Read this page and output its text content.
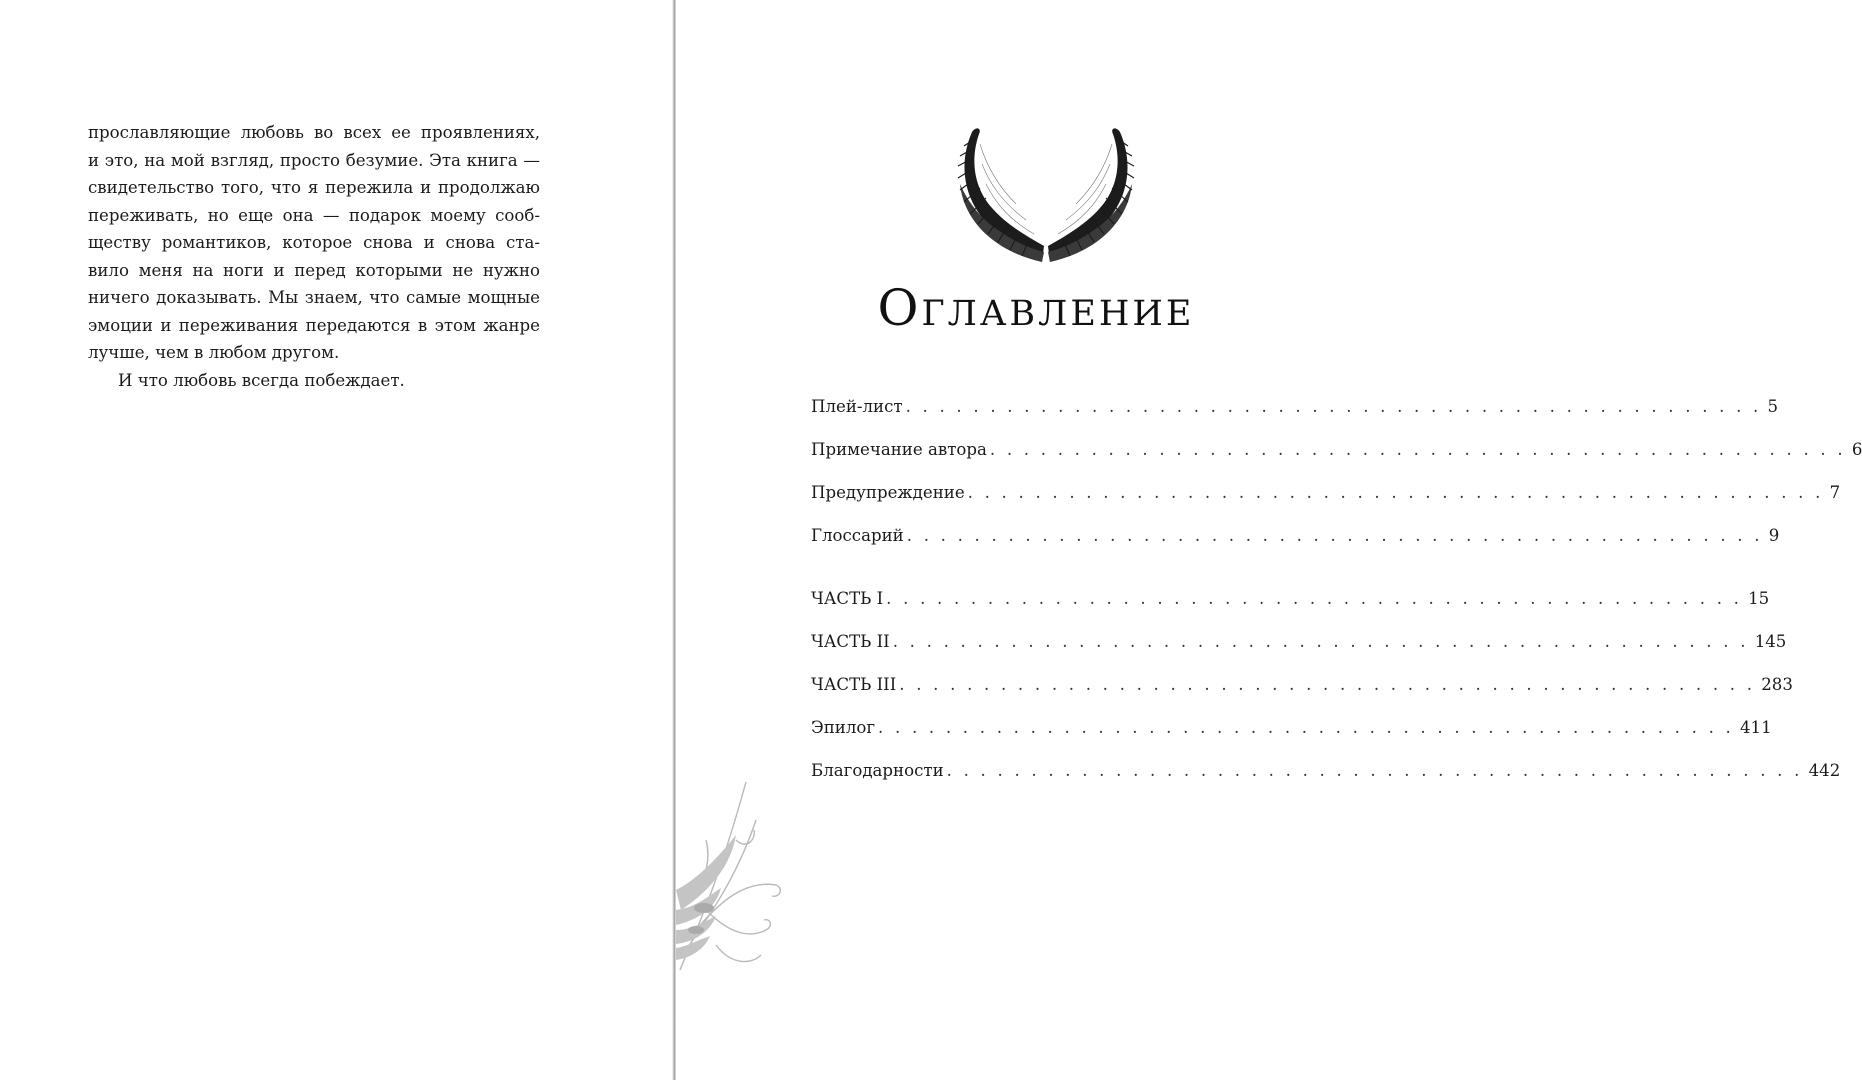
прославляющие любовь во всех ее проявлениях,
и это, на мой взгляд, просто безумие. Эта книга —
свидетельство того, что я пережила и продолжаю
переживать, но еще она — подарок моему сооб-
ществу романтиков, которое снова и снова ста-
вило меня на ноги и перед которыми не нужно
ничего доказывать. Мы знаем, что самые мощные
эмоции и переживания передаются в этом жанре
лучше, чем в любом другом.
И что любовь всегда побеждает.
Оглавление
Плей-лист . . . . . . . . . . . . . . . . . . . . . . . . . . . . . . . . . . . . . . . . . . . . . . . . . . . 5
Примечание автора . . . . . . . . . . . . . . . . . . . . . . . . . . . . . . . . . . . . . . . . . . . . . . . . . . . 6
Предупреждение . . . . . . . . . . . . . . . . . . . . . . . . . . . . . . . . . . . . . . . . . . . . . . . . . . . 7
Глоссарий . . . . . . . . . . . . . . . . . . . . . . . . . . . . . . . . . . . . . . . . . . . . . . . . . . . 9
ЧАСТЬ I . . . . . . . . . . . . . . . . . . . . . . . . . . . . . . . . . . . . . . . . . . . . . . . . . . . 15
ЧАСТЬ II . . . . . . . . . . . . . . . . . . . . . . . . . . . . . . . . . . . . . . . . . . . . . . . . . . . 145
ЧАСТЬ III . . . . . . . . . . . . . . . . . . . . . . . . . . . . . . . . . . . . . . . . . . . . . . . . . . . 283
Эпилог . . . . . . . . . . . . . . . . . . . . . . . . . . . . . . . . . . . . . . . . . . . . . . . . . . . 411
Благодарности . . . . . . . . . . . . . . . . . . . . . . . . . . . . . . . . . . . . . . . . . . . . . . . . . . . 442
